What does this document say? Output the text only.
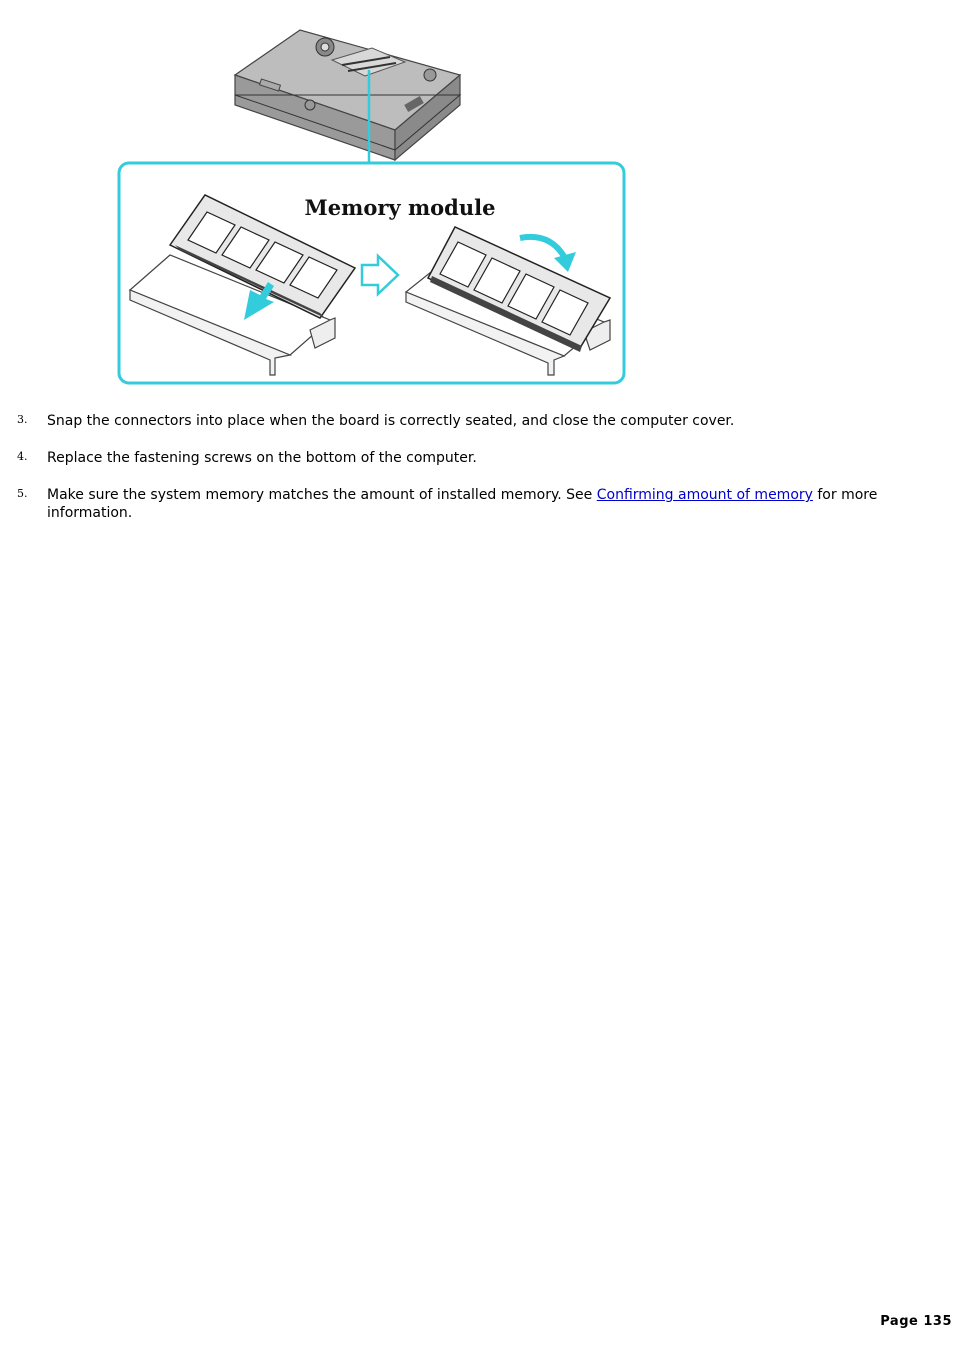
Memory module
3. Snap the connectors into place when the board is correctly seated, and close the computer cover.
4. Replace the fastening screws on the bottom of the computer.
5. Make sure the system memory matches the amount of installed memory. See Confirming amount of memory for more information.
Page 135
